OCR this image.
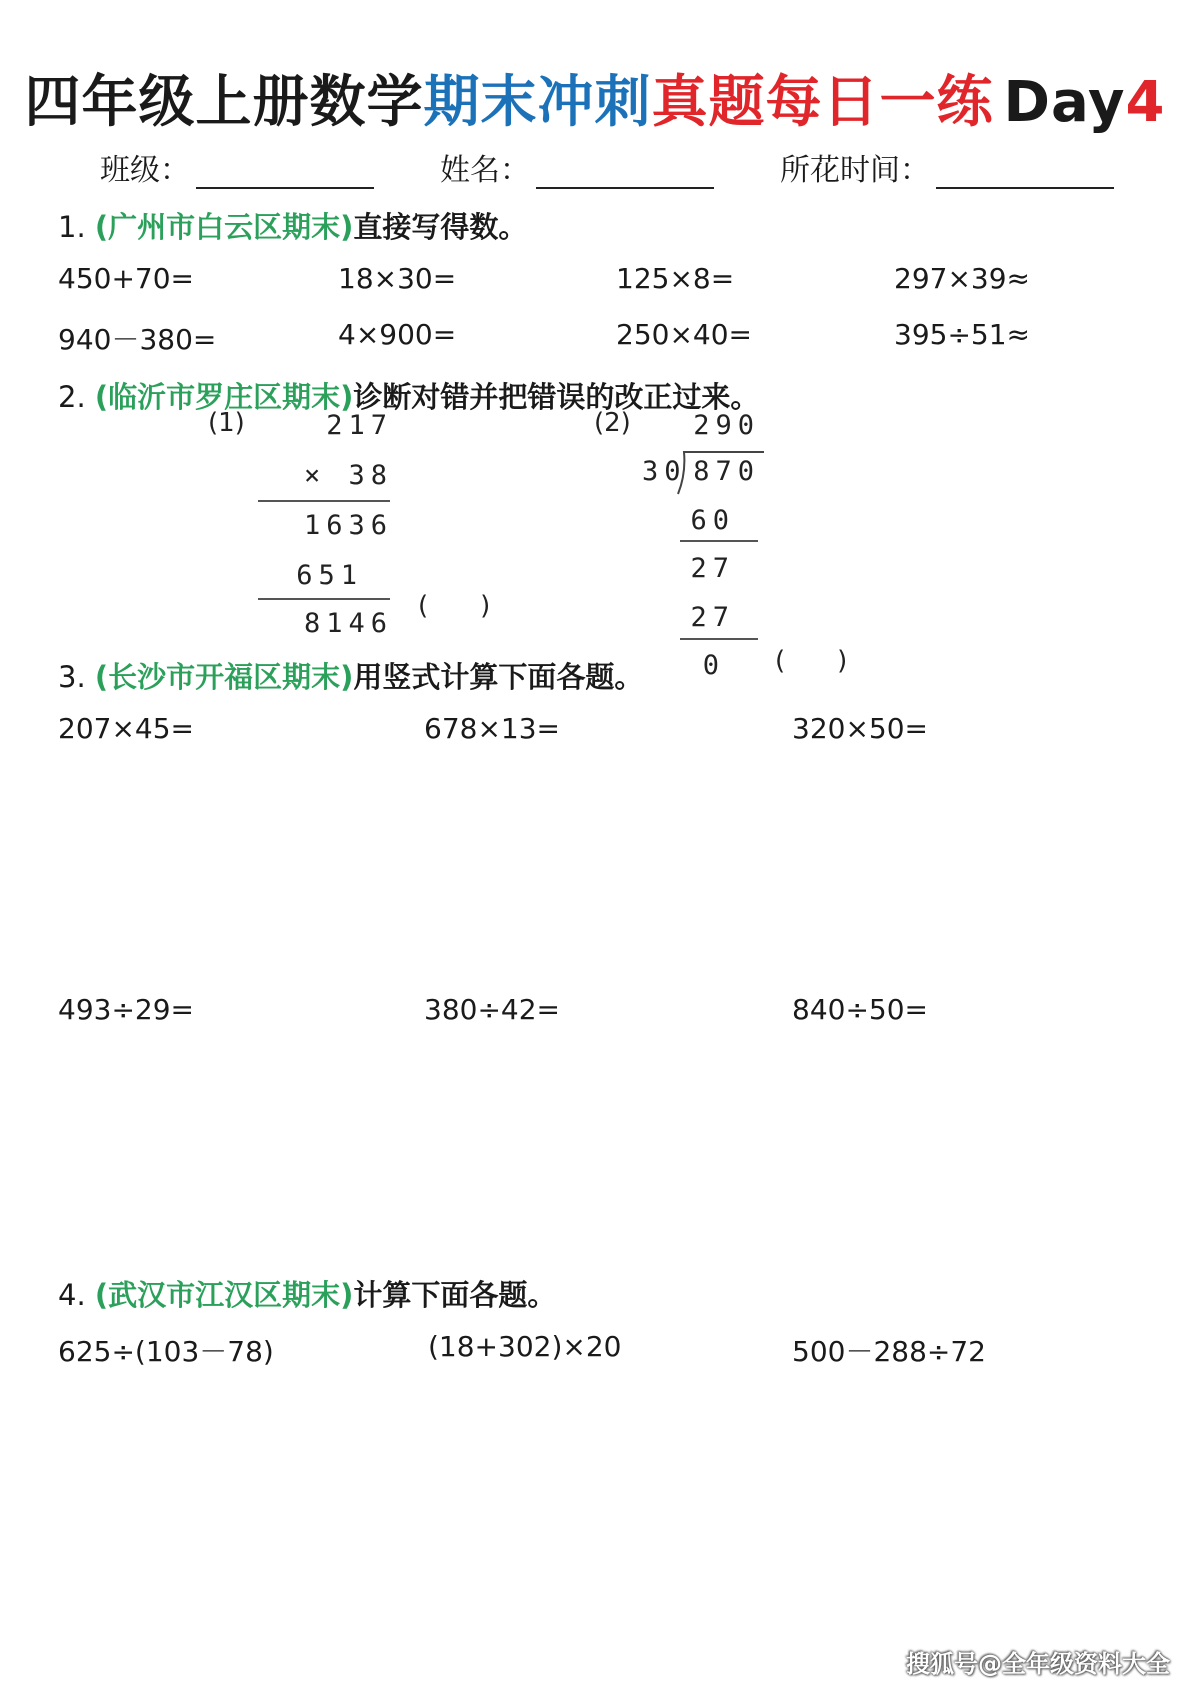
四年级上册数学期末冲刺真题每日一练 Day4
班级：	姓名：	所花时间：
1. (广州市白云区期末)直接写得数。
450+70=	18×30=	125×8=	297×39≈
940－380=	4×900=	250×40=	395÷51≈
2. (临沂市罗庄区期末)诊断对错并把错误的改正过来。
(1)	217
× 38
1636
651
8146
(　　)
(2) 290
30 870
60
27
27
0 (　　)
3. (长沙市开福区期末)用竖式计算下面各题。
207×45=	678×13=	320×50=
493÷29=	380÷42=	840÷50=
4. (武汉市江汉区期末)计算下面各题。
625÷(103－78)	(18+302)×20	500－288÷72
搜狐号@全年级资料大全
